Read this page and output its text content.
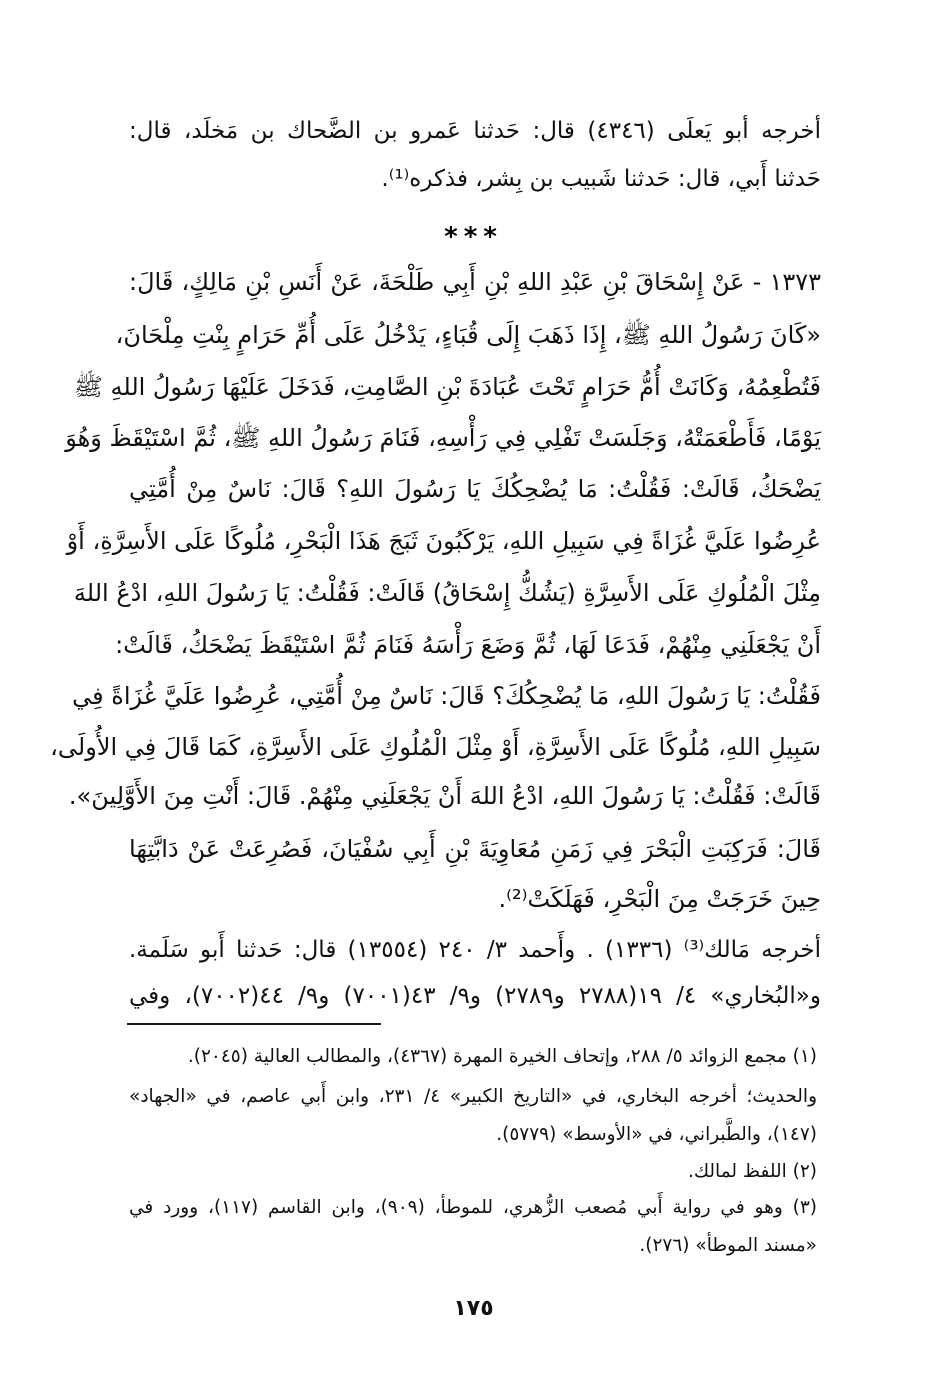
أخرجه أبو يَعلَى (٤٣٤٦) قال: حَدثنا عَمرو بن الضَّحاك بن مَخلَد، قال:
حَدثنا أَبي، قال: حَدثنا شَبيب بن بِشر، فذكره⁽¹⁾.
***
١٣٧٣ - عَنْ إِسْحَاقَ بْنِ عَبْدِ اللهِ بْنِ أَبِي طَلْحَةَ، عَنْ أَنَسِ بْنِ مَالِكٍ، قَالَ:
«كَانَ رَسُولُ اللهِ ﷺ، إِذَا ذَهَبَ إِلَى قُبَاءٍ، يَدْخُلُ عَلَى أُمِّ حَرَامٍ بِنْتِ مِلْحَانَ،
فَتُطْعِمُهُ، وَكَانَتْ أُمُّ حَرَامٍ تَحْتَ عُبَادَةَ بْنِ الصَّامِتِ، فَدَخَلَ عَلَيْهَا رَسُولُ اللهِ ﷺ
يَوْمًا، فَأَطْعَمَتْهُ، وَجَلَسَتْ تَفْلِي فِي رَأْسِهِ، فَنَامَ رَسُولُ اللهِ ﷺ، ثُمَّ اسْتَيْقَظَ وَهُوَ
يَضْحَكُ، قَالَتْ: فَقُلْتُ: مَا يُضْحِكُكَ يَا رَسُولَ اللهِ؟ قَالَ: نَاسٌ مِنْ أُمَّتِي
عُرِضُوا عَلَيَّ غُزَاةً فِي سَبِيلِ اللهِ، يَرْكَبُونَ ثَبَجَ هَذَا الْبَحْرِ، مُلُوكًا عَلَى الأَسِرَّةِ، أَوْ
مِثْلَ الْمُلُوكِ عَلَى الأَسِرَّةِ (يَشُكُّ إِسْحَاقُ) قَالَتْ: فَقُلْتُ: يَا رَسُولَ اللهِ، ادْعُ اللهَ
أَنْ يَجْعَلَنِي مِنْهُمْ، فَدَعَا لَهَا، ثُمَّ وَضَعَ رَأْسَهُ فَنَامَ ثُمَّ اسْتَيْقَظَ يَضْحَكُ، قَالَتْ:
فَقُلْتُ: يَا رَسُولَ اللهِ، مَا يُضْحِكُكَ؟ قَالَ: نَاسٌ مِنْ أُمَّتِي، عُرِضُوا عَلَيَّ غُزَاةً فِي
سَبِيلِ اللهِ، مُلُوكًا عَلَى الأَسِرَّةِ، أَوْ مِثْلَ الْمُلُوكِ عَلَى الأَسِرَّةِ، كَمَا قَالَ فِي الأُولَى،
قَالَتْ: فَقُلْتُ: يَا رَسُولَ اللهِ، ادْعُ اللهَ أَنْ يَجْعَلَنِي مِنْهُمْ. قَالَ: أَنْتِ مِنَ الأَوَّلِينَ».
قَالَ: فَرَكِبَتِ الْبَحْرَ فِي زَمَنِ مُعَاوِيَةَ بْنِ أَبِي سُفْيَانَ، فَصُرِعَتْ عَنْ دَابَّتِهَا
حِينَ خَرَجَتْ مِنَ الْبَحْرِ، فَهَلَكَتْ⁽²⁾.
أخرجه مَالك⁽³⁾ (١٣٣٦) . وأَحمد ٣/ ٢٤٠ (١٣٥٥٤) قال: حَدثنا أَبو سَلَمة.
و«البُخاري» ٤/ ١٩(٢٧٨٨ و٢٧٨٩) و٩/ ٤٣(٧٠٠١) و٩/ ٤٤(٧٠٠٢)، وفي
(١) مجمع الزوائد ٥/ ٢٨٨، وإتحاف الخيرة المهرة (٤٣٦٧)، والمطالب العالية (٢٠٤٥).
والحديث؛ أخرجه البخاري، في «التاريخ الكبير» ٤/ ٢٣١، وابن أَبي عاصم، في «الجهاد»
(١٤٧)، والطَّبراني، في «الأوسط» (٥٧٧٩).
(٢) اللفظ لمالك.
(٣) وهو في رواية أَبي مُصعب الزُّهري، للموطأ، (٩٠٩)، وابن القاسم (١١٧)، وورد في
«مسند الموطأ» (٢٧٦).
١٧٥
